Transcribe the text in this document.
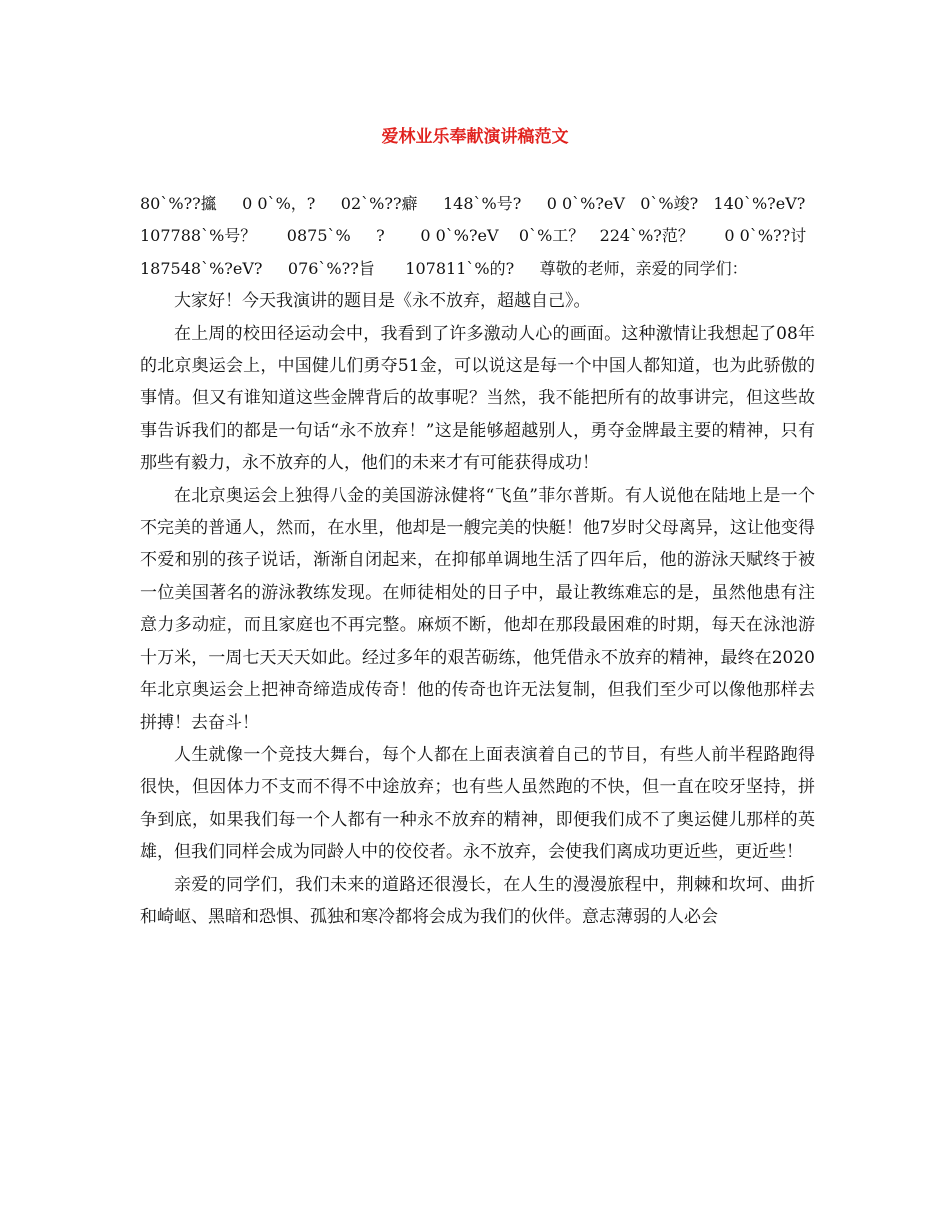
爱林业乐奉献演讲稿范文

80`%??攨     0 0`%，?     02`%??癖     148`%号?     0 0`%?eV   0`%竣?   140`%?eV?

107788`%号？      0875`%     ?       0 0`%?eV    0`%工？   224`%?范？      0 0`%??讨

187548`%?eV?     076`%??旨      107811`%的?     尊敬的老师，亲爱的同学们：

大家好！今天我演讲的题目是《永不放弃，超越自己》。

在上周的校田径运动会中，我看到了许多激动人心的画面。这种激情让我想起了08年的北京奥运会上，中国健儿们勇夺51金，可以说这是每一个中国人都知道，也为此骄傲的事情。但又有谁知道这些金牌背后的故事呢？当然，我不能把所有的故事讲完，但这些故事告诉我们的都是一句话“永不放弃！”这是能够超越别人，勇夺金牌最主要的精神，只有那些有毅力，永不放弃的人，他们的未来才有可能获得成功！

在北京奥运会上独得八金的美国游泳健将“飞鱼”菲尔普斯。有人说他在陆地上是一个不完美的普通人，然而，在水里，他却是一艘完美的快艇！他7岁时父母离异，这让他变得不爱和别的孩子说话，渐渐自闭起来，在抑郁单调地生活了四年后，他的游泳天赋终于被一位美国著名的游泳教练发现。在师徒相处的日子中，最让教练难忘的是，虽然他患有注意力多动症，而且家庭也不再完整。麻烦不断，他却在那段最困难的时期，每天在泳池游十万米，一周七天天天如此。经过多年的艰苦砺练，他凭借永不放弃的精神，最终在2020年北京奥运会上把神奇缔造成传奇！他的传奇也许无法复制，但我们至少可以像他那样去拼搏！去奋斗！

人生就像一个竞技大舞台，每个人都在上面表演着自己的节目，有些人前半程路跑得很快，但因体力不支而不得不中途放弃；也有些人虽然跑的不快，但一直在咬牙坚持，拼争到底，如果我们每一个人都有一种永不放弃的精神，即便我们成不了奥运健儿那样的英雄，但我们同样会成为同龄人中的佼佼者。永不放弃，会使我们离成功更近些，更近些！

亲爱的同学们，我们未来的道路还很漫长，在人生的漫漫旅程中，荆棘和坎坷、曲折和崎岖、黑暗和恐惧、孤独和寒冷都将会成为我们的伙伴。意志薄弱的人必会
